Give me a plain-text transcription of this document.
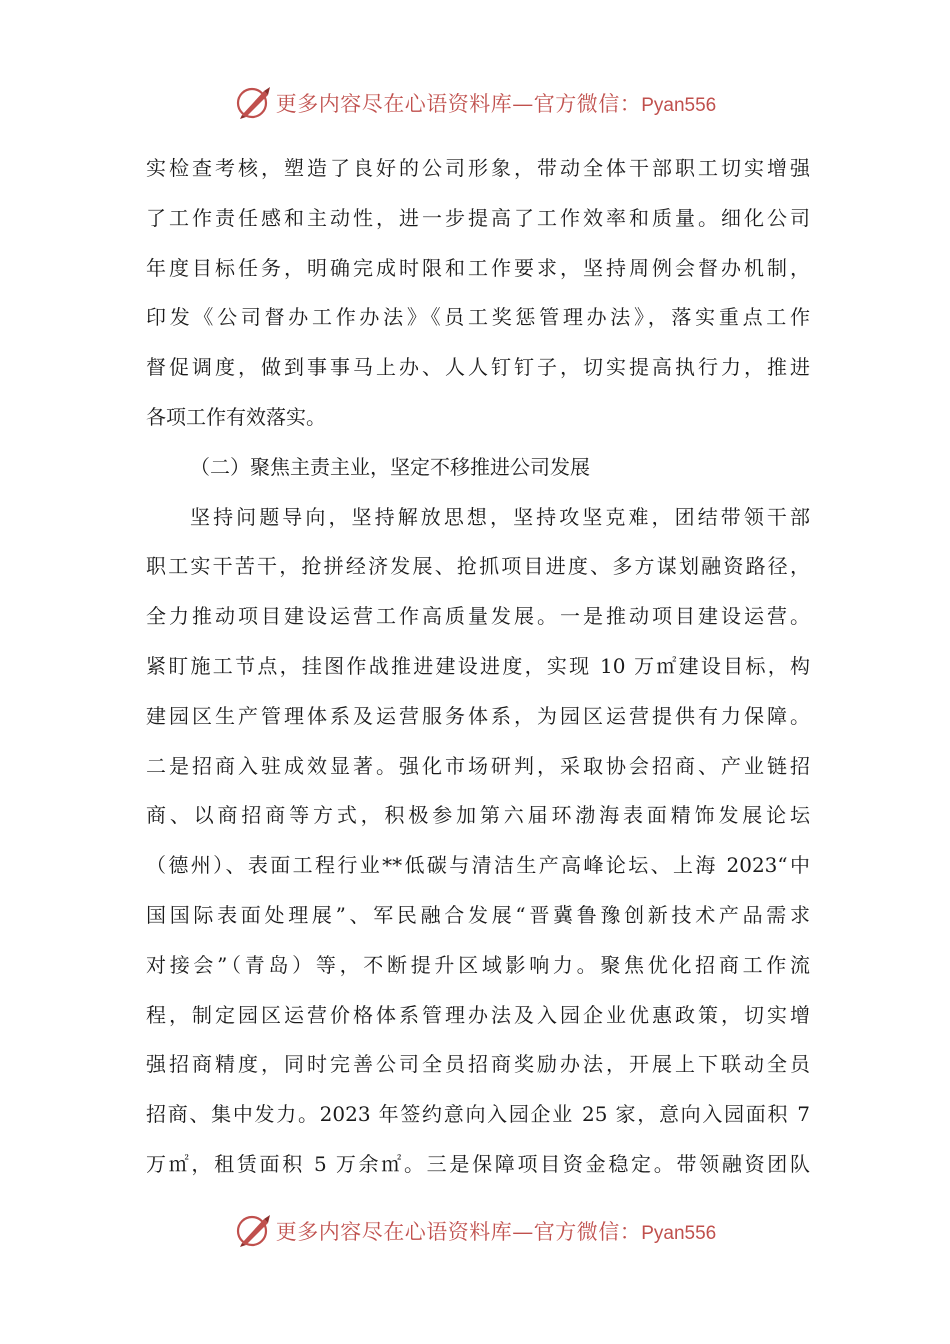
更多内容尽在心语资料库—官方微信：Pyan556
实检查考核，塑造了良好的公司形象，带动全体干部职工切实增强
了工作责任感和主动性，进一步提高了工作效率和质量。细化公司
年度目标任务，明确完成时限和工作要求，坚持周例会督办机制，
印发《公司督办工作办法》《员工奖惩管理办法》，落实重点工作
督促调度，做到事事马上办、人人钉钉子，切实提高执行力，推进
各项工作有效落实。
（二）聚焦主责主业，坚定不移推进公司发展
坚持问题导向，坚持解放思想，坚持攻坚克难，团结带领干部
职工实干苦干，抢拼经济发展、抢抓项目进度、多方谋划融资路径，
全力推动项目建设运营工作高质量发展。一是推动项目建设运营。
紧盯施工节点，挂图作战推进建设进度，实现 10 万㎡建设目标，构
建园区生产管理体系及运营服务体系，为园区运营提供有力保障。
二是招商入驻成效显著。强化市场研判，采取协会招商、产业链招
商、以商招商等方式，积极参加第六届环渤海表面精饰发展论坛
（德州）、表面工程行业**低碳与清洁生产高峰论坛、上海 2023“中
国国际表面处理展”、军民融合发展“晋冀鲁豫创新技术产品需求
对接会”（青岛）等，不断提升区域影响力。聚焦优化招商工作流
程，制定园区运营价格体系管理办法及入园企业优惠政策，切实增
强招商精度，同时完善公司全员招商奖励办法，开展上下联动全员
招商、集中发力。2023 年签约意向入园企业 25 家，意向入园面积 7
万㎡，租赁面积 5 万余㎡。三是保障项目资金稳定。带领融资团队
更多内容尽在心语资料库—官方微信：Pyan556
